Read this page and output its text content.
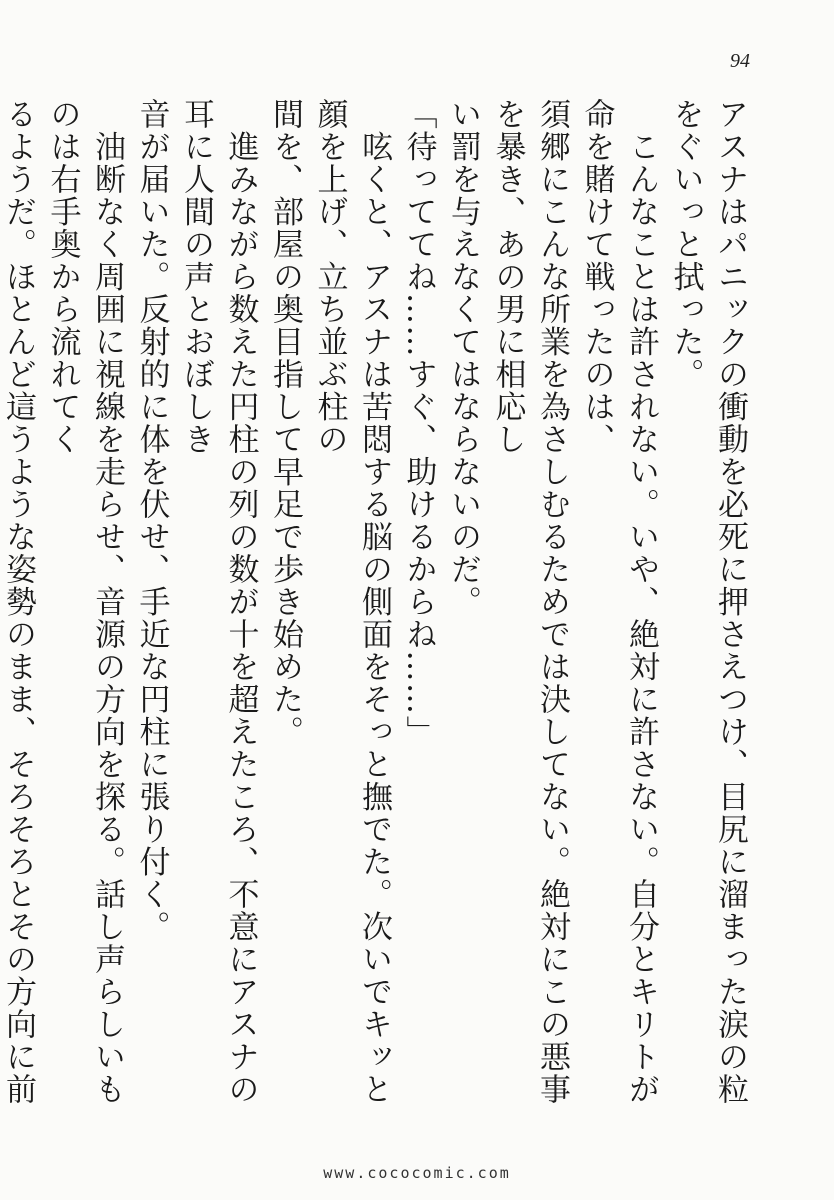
94

アスナはパニックの衝動を必死に押さえつけ、目尻に溜まった涙の粒をぐいっと拭った。

　こんなことは許されない。いや、絶対に許さない。自分とキリトが命を賭けて戦ったのは、

須郷にこんな所業を為さしむるためでは決してない。絶対にこの悪事を暴き、あの男に相応し

い罰を与えなくてはならないのだ。

「待っててね……すぐ、助けるからね……」

　呟くと、アスナは苦悶する脳の側面をそっと撫でた。次いでキッと顔を上げ、立ち並ぶ柱の

間を、部屋の奥目指して早足で歩き始めた。

　進みながら数えた円柱の列の数が十を超えたころ、不意にアスナの耳に人間の声とおぼしき

音が届いた。反射的に体を伏せ、手近な円柱に張り付く。

　油断なく周囲に視線を走らせ、音源の方向を探る。話し声らしいものは右手奥から流れてく

るようだ。ほとんど這うような姿勢のまま、そろそろとその方向に前

www.cococomic.com
